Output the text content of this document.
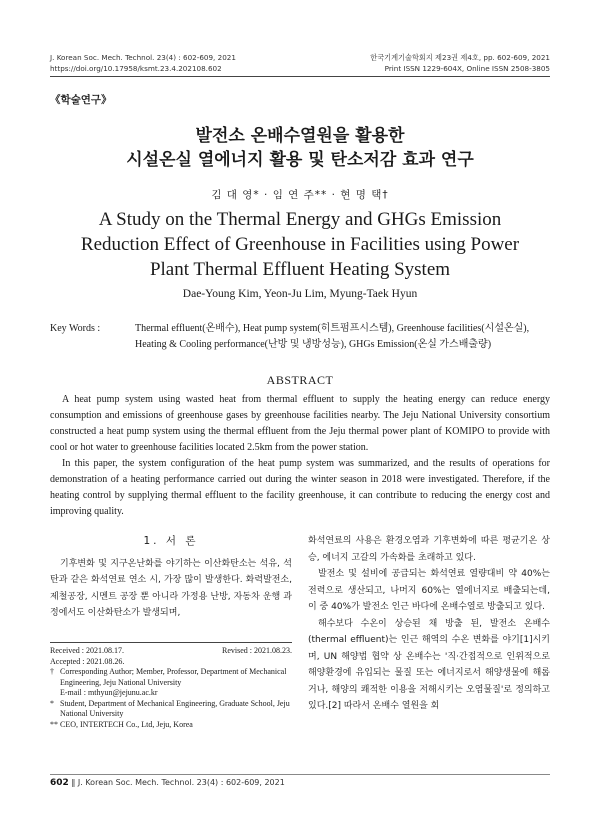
J. Korean Soc. Mech. Technol. 23(4) : 602-609, 2021	한국기계기술학회지 제23권 제4호, pp. 602-609, 2021
https://doi.org/10.17958/ksmt.23.4.202108.602	Print ISSN 1229-604X, Online ISSN 2508-3805
《학술연구》
발전소 온배수열원을 활용한
시설온실 열에너지 활용 및 탄소저감 효과 연구
김 대 영* · 임 연 주** · 현 명 택†
A Study on the Thermal Energy and GHGs Emission
Reduction Effect of Greenhouse in Facilities using Power
Plant Thermal Effluent Heating System
Dae-Young Kim, Yeon-Ju Lim, Myung-Taek Hyun
Key Words :	Thermal effluent(온배수), Heat pump system(히트펌프시스템), Greenhouse facilities(시설온실), Heating & Cooling performance(난방 및 냉방성능), GHGs Emission(온실 가스배출량)
ABSTRACT

A heat pump system using wasted heat from thermal effluent to supply the heating energy can reduce energy consumption and emissions of greenhouse gases by greenhouse facilities nearby. The Jeju National University consortium constructed a heat pump system using the thermal effluent from the Jeju thermal power plant of KOMIPO to provide with cool or hot water to greenhouse facilities located 2.5km from the power station.

In this paper, the system configuration of the heat pump system was summarized, and the results of operations for demonstration of a heating performance carried out during the winter season in 2018 were investigated. Therefore, if the heating control by supplying thermal effluent to the facility greenhouse, it can contribute to reducing the energy cost and improving quality.

1. 서 론

기후변화 및 지구온난화를 야기하는 이산화탄소는 석유, 석탄과 같은 화석연료 연소 시, 가장 많이 발생한다. 화력발전소, 제철공장, 시멘트 공장 뿐 아니라 가정용 난방, 자동차 운행 과정에서도 이산화탄소가 발생되며,

Received : 2021.08.17.	Revised : 2021.08.23.
Accepted : 2021.08.26.
† Corresponding Author; Member, Professor, Department of Mechanical Engineering, Jeju National University
E-mail : mthyun@jejunu.ac.kr
* Student, Department of Mechanical Engineering, Graduate School, Jeju National University
** CEO, INTERTECH Co., Ltd, Jeju, Korea

화석연료의 사용은 환경오염과 기후변화에 따른 평균기온 상승, 에너지 고갈의 가속화를 초래하고 있다.

발전소 및 설비에 공급되는 화석연료 열량대비 약 40%는 전력으로 생산되고, 나머지 60%는 열에너지로 배출되는데, 이 중 40%가 발전소 인근 바다에 온배수열로 방출되고 있다.

해수보다 수온이 상승된 채 방출 된, 발전소 온배수(thermal effluent)는 인근 해역의 수온 변화를 야기[1]시키며, UN 해양법 협약 상 온배수는 '직·간접적으로 인위적으로 해양환경에 유입되는 물질 또는 에너지로서 해양생물에 해롭거나, 해양의 쾌적한 이용을 저해시키는 오염물질'로 정의하고 있다.[2] 따라서 온배수 열원을 회

602 ‖ J. Korean Soc. Mech. Technol. 23(4) : 602-609, 2021
